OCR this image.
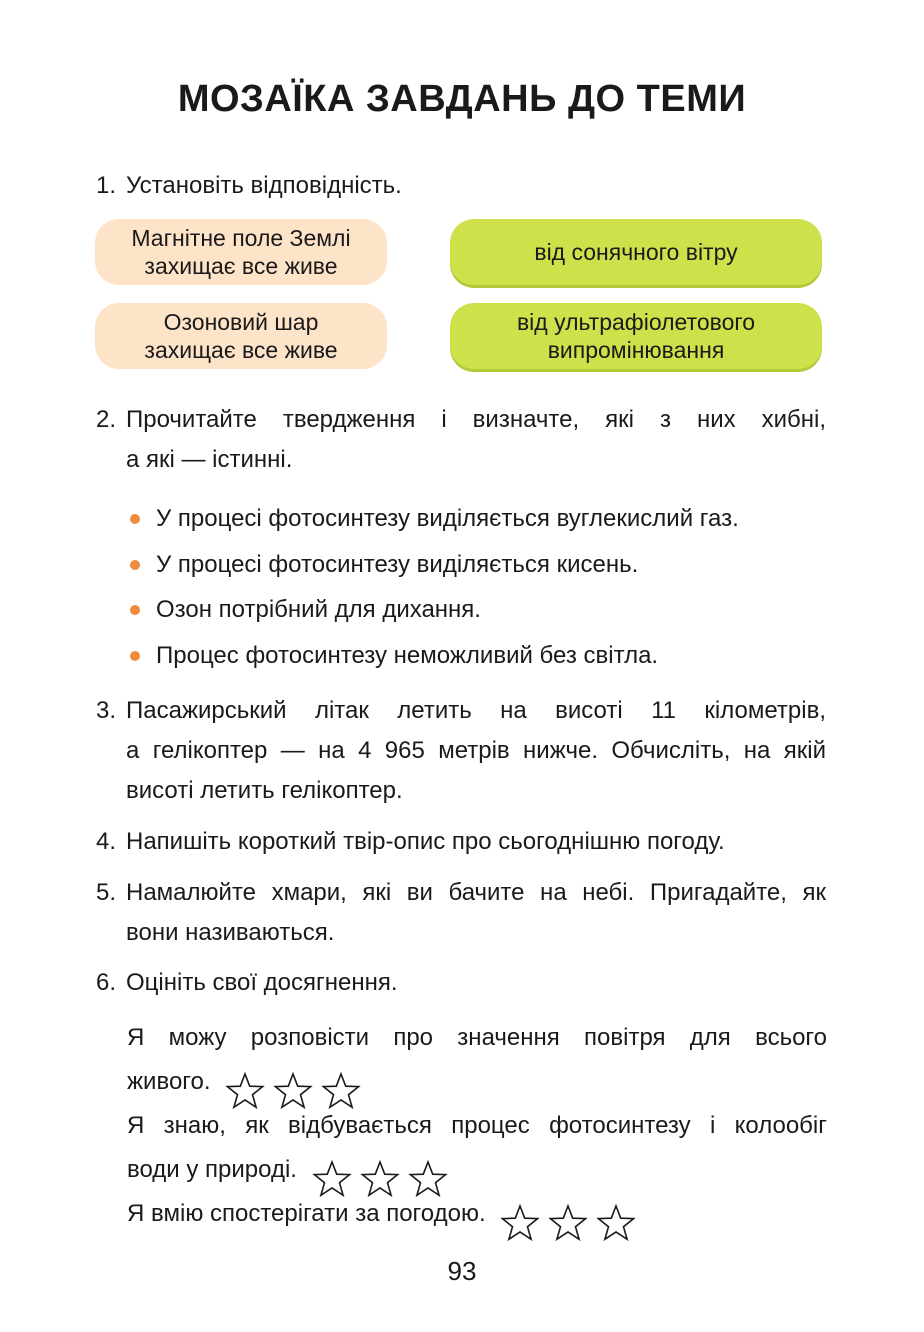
МОЗАЇКА ЗАВДАНЬ ДО ТЕМИ
1. Установіть відповідність.
Магнітне поле Землі
захищає все живе
від сонячного вітру
Озоновий шар
захищає все живе
від ультрафіолетового
випромінювання
2. Прочитайте твердження і визначте, які з них хибні,
а які — істинні.
У процесі фотосинтезу виділяється вуглекислий газ.
У процесі фотосинтезу виділяється кисень.
Озон потрібний для дихання.
Процес фотосинтезу неможливий без світла.
3. Пасажирський літак летить на висоті 11 кілометрів,
а гелікоптер — на 4 965 метрів нижче. Обчисліть, на якій
висоті летить гелікоптер.
4. Напишіть короткий твір-опис про сьогоднішню погоду.
5. Намалюйте хмари, які ви бачите на небі. Пригадайте, як
вони називаються.
6. Оцініть свої досягнення.
Я можу розповісти про значення повітря для всього
живого.
Я знаю, як відбувається процес фотосинтезу і колообіг
води у природі.
Я вмію спостерігати за погодою.
93
